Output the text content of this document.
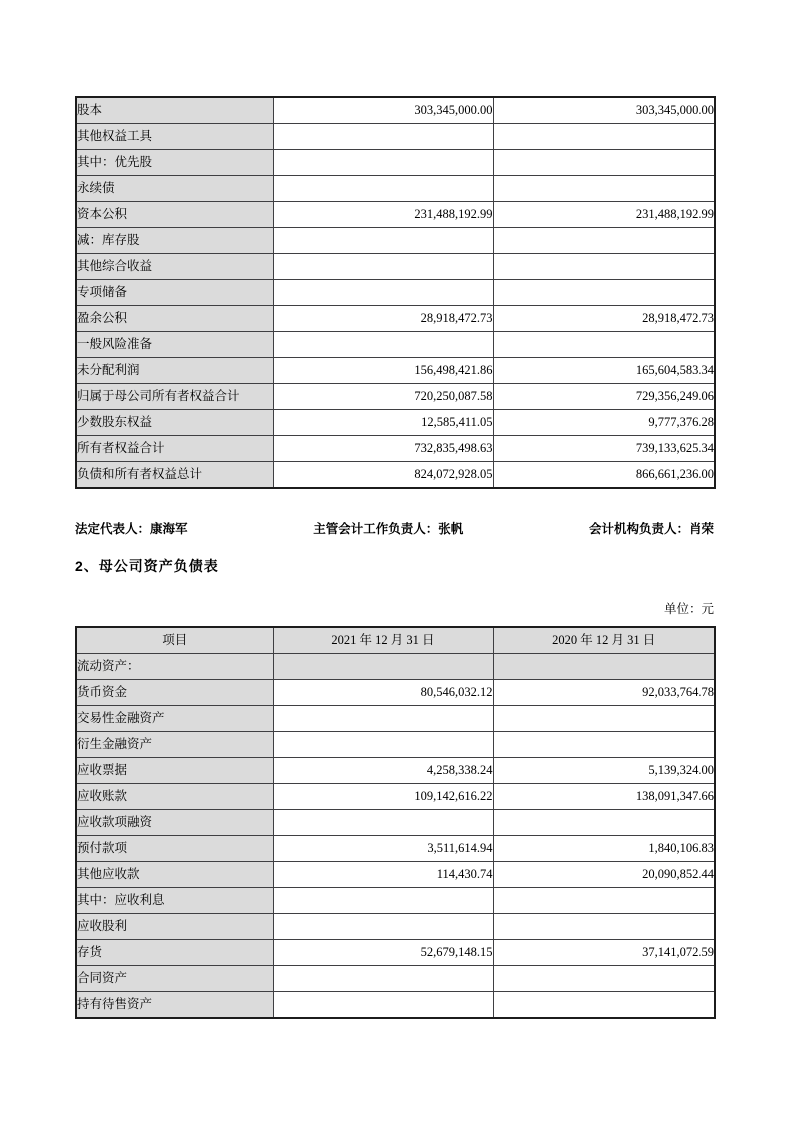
股本	303,345,000.00	303,345,000.00
其他权益工具		
其中：优先股		
永续债		
资本公积	231,488,192.99	231,488,192.99
减：库存股		
其他综合收益		
专项储备		
盈余公积	28,918,472.73	28,918,472.73
一般风险准备		
未分配利润	156,498,421.86	165,604,583.34
归属于母公司所有者权益合计	720,250,087.58	729,356,249.06
少数股东权益	12,585,411.05	9,777,376.28
所有者权益合计	732,835,498.63	739,133,625.34
负债和所有者权益总计	824,072,928.05	866,661,236.00
法定代表人：康海军	主管会计工作负责人：张帆	会计机构负责人：肖荣
2、母公司资产负债表
单位：元
项目	2021 年 12 月 31 日	2020 年 12 月 31 日
流动资产：		
货币资金	80,546,032.12	92,033,764.78
交易性金融资产		
衍生金融资产		
应收票据	4,258,338.24	5,139,324.00
应收账款	109,142,616.22	138,091,347.66
应收款项融资		
预付款项	3,511,614.94	1,840,106.83
其他应收款	114,430.74	20,090,852.44
其中：应收利息		
应收股利		
存货	52,679,148.15	37,141,072.59
合同资产		
持有待售资产		
